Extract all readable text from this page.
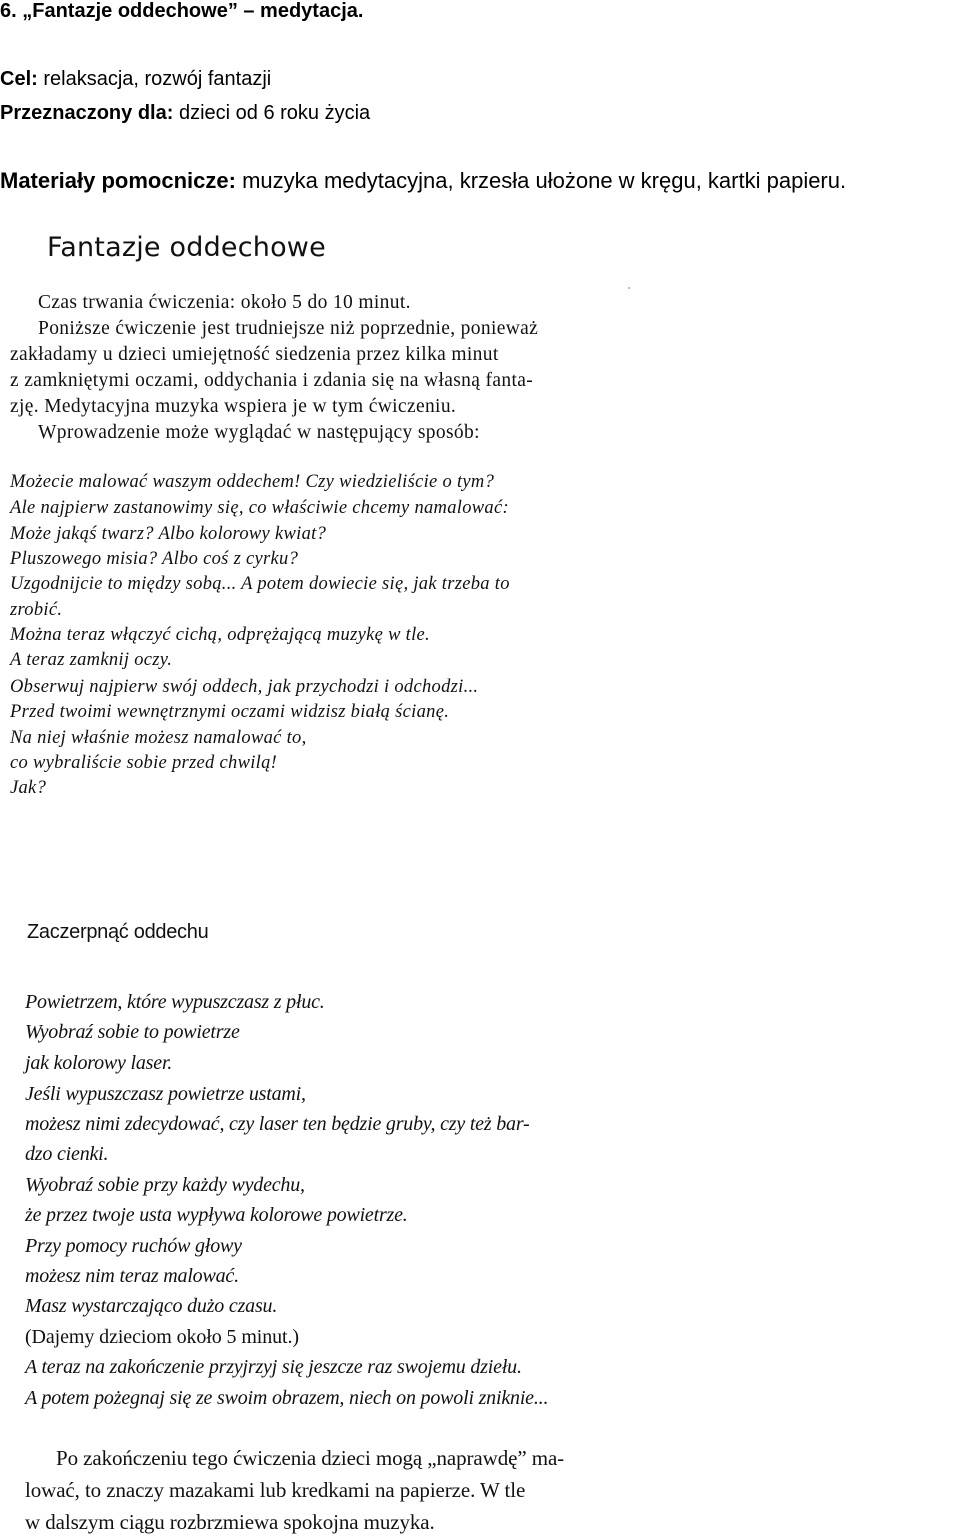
6. „Fantazje oddechowe” – medytacja.
Cel: relaksacja, rozwój fantazji
Przeznaczony dla: dzieci od 6 roku życia
Materiały pomocnicze: muzyka medytacyjna, krzesła ułożone w kręgu, kartki papieru.
Fantazje oddechowe
Czas trwania ćwiczenia: około 5 do 10 minut.
Poniższe ćwiczenie jest trudniejsze niż poprzednie, ponieważ
zakładamy u dzieci umiejętność siedzenia przez kilka minut
z zamkniętymi oczami, oddychania i zdania się na własną fanta-
zję. Medytacyjna muzyka wspiera je w tym ćwiczeniu.
Wprowadzenie może wyglądać w następujący sposób:
Możecie malować waszym oddechem! Czy wiedzieliście o tym?
Ale najpierw zastanowimy się, co właściwie chcemy namalować:
Może jakąś twarz? Albo kolorowy kwiat?
Pluszowego misia? Albo coś z cyrku?
Uzgodnijcie to między sobą... A potem dowiecie się, jak trzeba to
zrobić.
Można teraz włączyć cichą, odprężającą muzykę w tle.
A teraz zamknij oczy.
Obserwuj najpierw swój oddech, jak przychodzi i odchodzi...
Przed twoimi wewnętrznymi oczami widzisz białą ścianę.
Na niej właśnie możesz namalować to,
co wybraliście sobie przed chwilą!
Jak?
Zaczerpnąć oddechu
Powietrzem, które wypuszczasz z płuc.
Wyobraź sobie to powietrze
jak kolorowy laser.
Jeśli wypuszczasz powietrze ustami,
możesz nimi zdecydować, czy laser ten będzie gruby, czy też bar-
dzo cienki.
Wyobraź sobie przy każdy wydechu,
że przez twoje usta wypływa kolorowe powietrze.
Przy pomocy ruchów głowy
możesz nim teraz malować.
Masz wystarczająco dużo czasu.
(Dajemy dzieciom około 5 minut.)
A teraz na zakończenie przyjrzyj się jeszcze raz swojemu dziełu.
A potem pożegnaj się ze swoim obrazem, niech on powoli zniknie...
Po zakończeniu tego ćwiczenia dzieci mogą „naprawdę” ma-
lować, to znaczy mazakami lub kredkami na papierze. W tle
w dalszym ciągu rozbrzmiewa spokojna muzyka.
